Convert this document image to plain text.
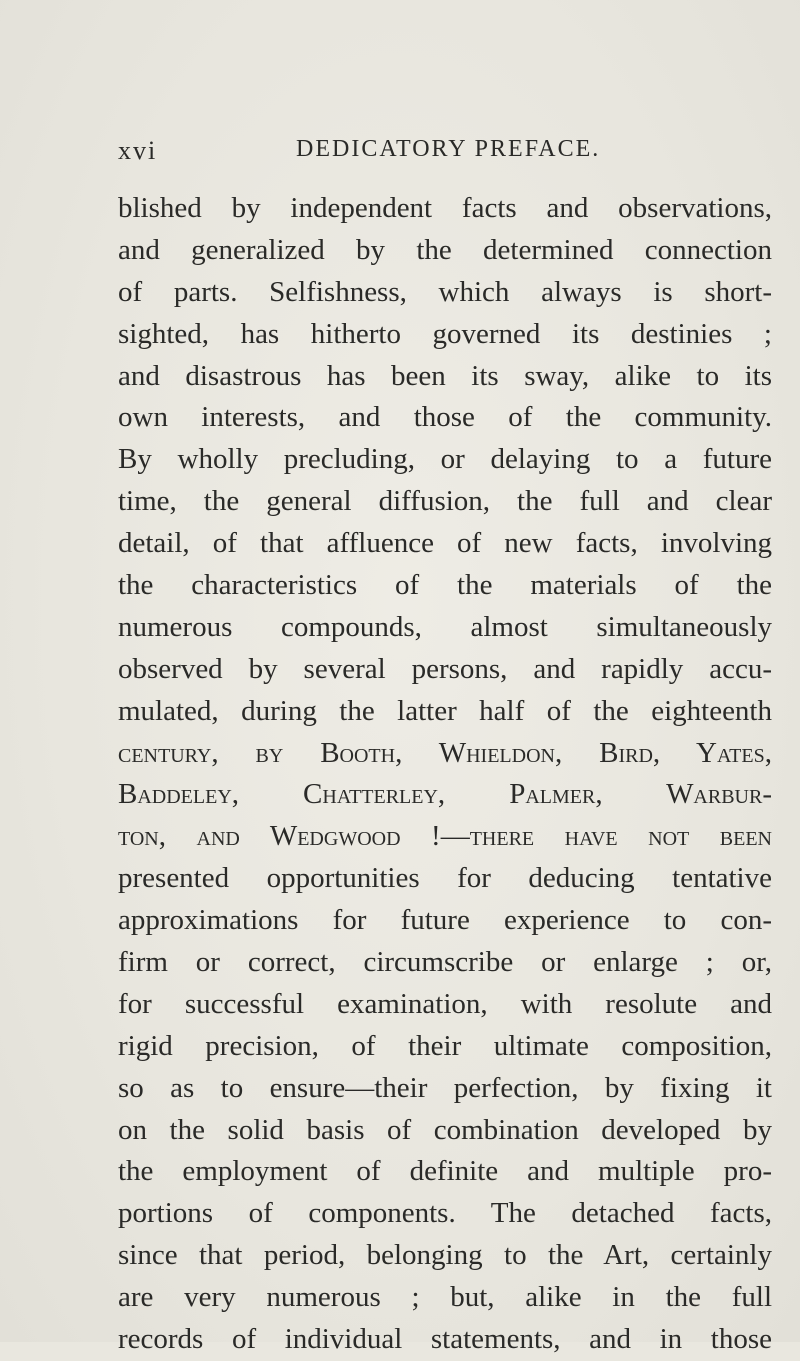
xvi	DEDICATORY PREFACE.
blished by independent facts and observations,
and generalized by the determined connection
of parts. Selfishness, which always is short-
sighted, has hitherto governed its destinies ;
and disastrous has been its sway, alike to its
own interests, and those of the community.
By wholly precluding, or delaying to a future
time, the general diffusion, the full and clear
detail, of that affluence of new facts, involving
the characteristics of the materials of the
numerous compounds, almost simultaneously
observed by several persons, and rapidly accu-
mulated, during the latter half of the eighteenth
century, by Booth, Whieldon, Bird, Yates,
Baddeley, Chatterley, Palmer, Warbur-
ton, and Wedgwood !—there have not been
presented opportunities for deducing tentative
approximations for future experience to con-
firm or correct, circumscribe or enlarge ; or,
for successful examination, with resolute and
rigid precision, of their ultimate composition,
so as to ensure—their perfection, by fixing it
on the solid basis of combination developed by
the employment of definite and multiple pro-
portions of components. The detached facts,
since that period, belonging to the Art, certainly
are very numerous ; but, alike in the full
records of individual statements, and in those
